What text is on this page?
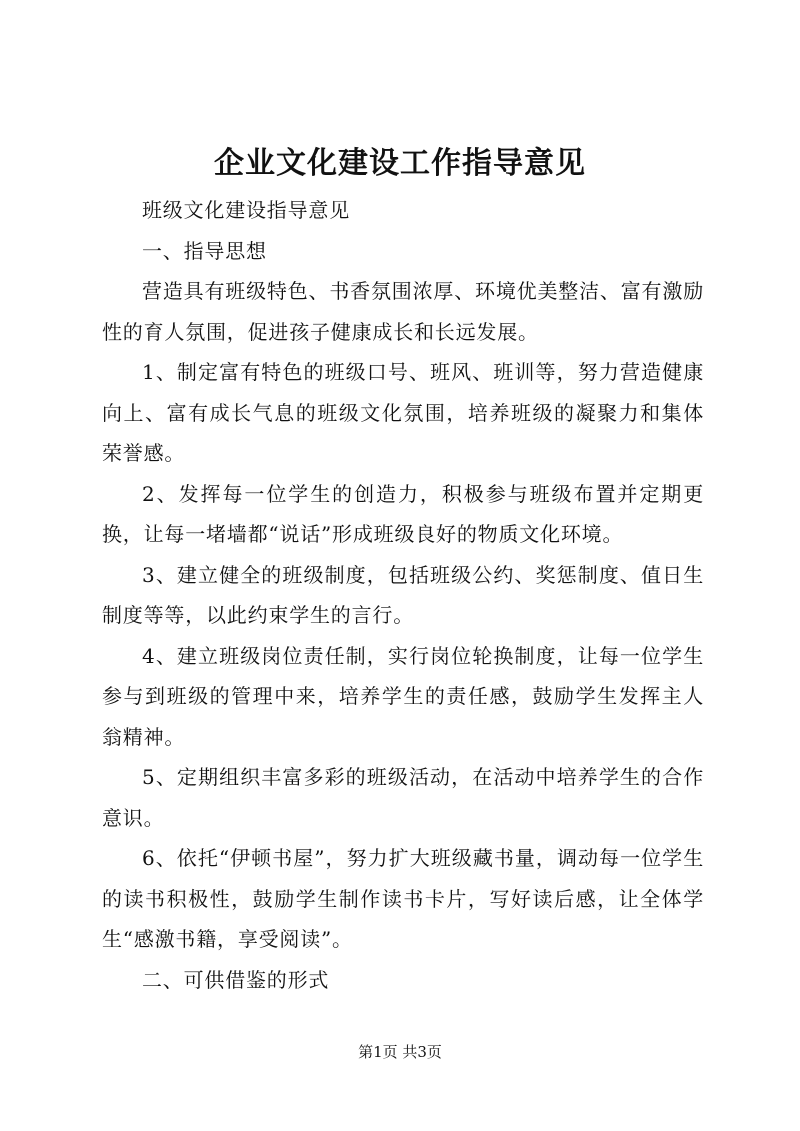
企业文化建设工作指导意见

班级文化建设指导意见

一、指导思想

营造具有班级特色、书香氛围浓厚、环境优美整洁、富有激励性的育人氛围，促进孩子健康成长和长远发展。

1、制定富有特色的班级口号、班风、班训等，努力营造健康向上、富有成长气息的班级文化氛围，培养班级的凝聚力和集体荣誉感。

2、发挥每一位学生的创造力，积极参与班级布置并定期更换，让每一堵墙都“说话”形成班级良好的物质文化环境。

3、建立健全的班级制度，包括班级公约、奖惩制度、值日生制度等等，以此约束学生的言行。

4、建立班级岗位责任制，实行岗位轮换制度，让每一位学生参与到班级的管理中来，培养学生的责任感，鼓励学生发挥主人翁精神。

5、定期组织丰富多彩的班级活动，在活动中培养学生的合作意识。

6、依托“伊顿书屋”，努力扩大班级藏书量，调动每一位学生的读书积极性，鼓励学生制作读书卡片，写好读后感，让全体学生“感激书籍，享受阅读”。

二、可供借鉴的形式

第1页 共3页
